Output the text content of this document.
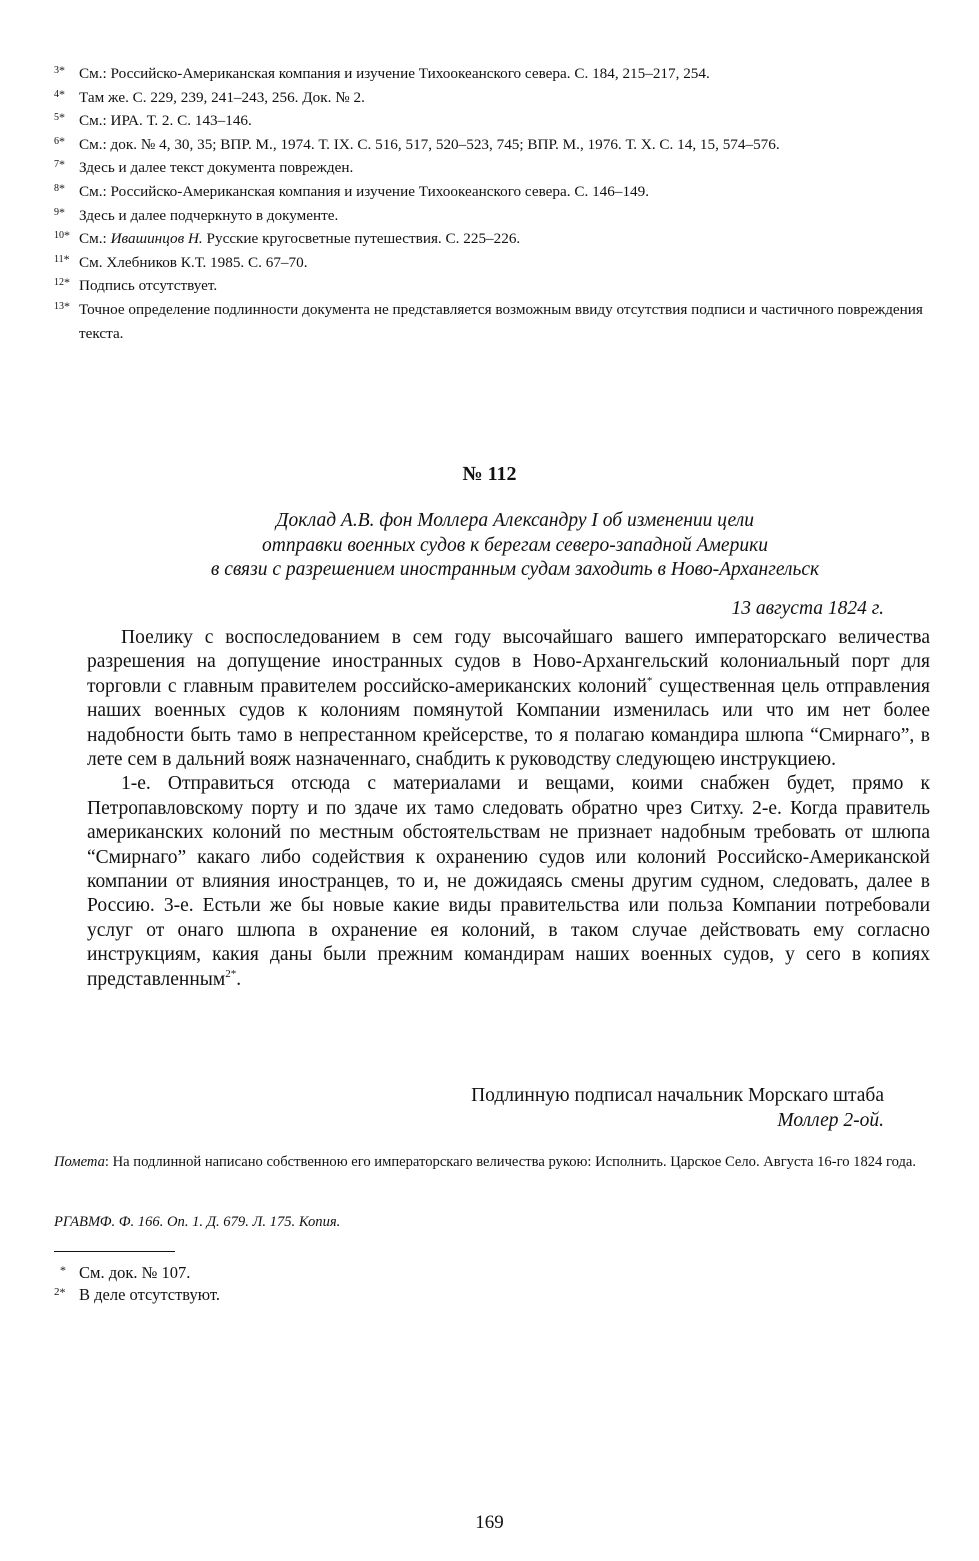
$^{3*}$ См.: Российско-Американская компания и изучение Тихоокеанского севера. С. 184, 215–217, 254.
$^{4*}$ Там же. С. 229, 239, 241–243, 256. Док. № 2.
$^{5*}$ См.: ИРА. Т. 2. С. 143–146.
$^{6*}$ См.: док. № 4, 30, 35; ВПР. М., 1974. Т. IX. С. 516, 517, 520–523, 745; ВПР. М., 1976. Т. X. С. 14, 15, 574–576.
$^{7*}$ Здесь и далее текст документа поврежден.
$^{8*}$ См.: Российско-Американская компания и изучение Тихоокеанского севера. С. 146–149.
$^{9*}$ Здесь и далее подчеркнуто в документе.
$^{10*}$ См.: Ивашинцов Н. Русские кругосветные путешествия. С. 225–226.
$^{11*}$ См. Хлебников К.Т. 1985. С. 67–70.
$^{12*}$ Подпись отсутствует.
$^{13*}$ Точное определение подлинности документа не представляется возможным ввиду отсутствия подписи и частичного повреждения текста.
№ 112
Доклад А.В. фон Моллера Александру I об изменении цели
отправки военных судов к берегам северо-западной Америки
в связи с разрешением иностранным судам заходить в Ново-Архангельск
13 августа 1824 г.

Поелику с воспоследованием в сем году высочайшаго вашего императорскаго величества разрешения на допущение иностранных судов в Ново-Архангельский колониальный порт для торговли с главным правителем российско-американских колоний* существенная цель отправления наших военных судов к колониям помянутой Компании изменилась или что им нет более надобности быть тамо в непрестанном крейсерстве, то я полагаю командира шлюпа “Смирнаго”, в лете сем в дальний вояж назначеннаго, снабдить к руководству следующею инструкциею.

1-е. Отправиться отсюда с материалами и вещами, коими снабжен будет, прямо к Петропавловскому порту и по здаче их тамо следовать обратно чрез Ситху. 2-е. Когда правитель американских колоний по местным обстоятельствам не признает надобным требовать от шлюпа “Смирнаго” какаго либо содействия к охранению судов или колоний Российско-Американской компании от влияния иностранцев, то и, не дожидаясь смены другим судном, следовать, далее в Россию. 3-е. Естьли же бы новые какие виды правительства или польза Компании потребовали услуг от онаго шлюпа в охранение ея колоний, в таком случае действовать ему согласно инструкциям, какия даны были прежним командирам наших военных судов, у сего в копиях представленным$^{2*}$.

Подлинную подписал начальник Морскаго штаба
Моллер 2-ой.
Помета: На подлинной написано собственною его императорскаго величества рукою: Исполнить. Царское Село. Августа 16-го 1824 года.
РГАВМФ. Ф. 166. Оп. 1. Д. 679. Л. 175. Копия.
* См. док. № 107.
$^{2*}$ В деле отсутствуют.
169
